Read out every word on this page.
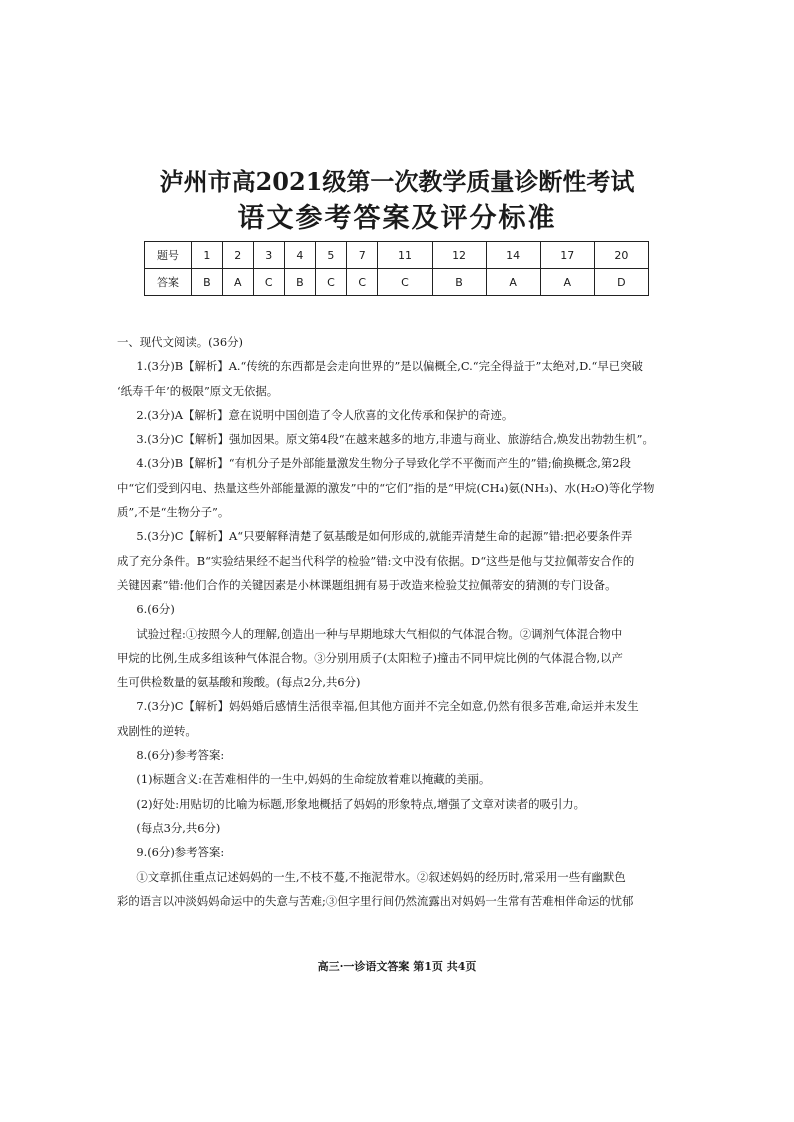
泸州市高2021级第一次教学质量诊断性考试
语文参考答案及评分标准
题号	1	2	3	4	5	7	11	12	14	17	20
答案	B	A	C	B	C	C	C	B	A	A	D

一、现代文阅读。(36分)

1.(3分)B【解析】A.“传统的东西都是会走向世界的”是以偏概全,C.“完全得益于”太绝对,D.“早已突破

‘纸寿千年’的极限”原文无依据。

2.(3分)A【解析】意在说明中国创造了令人欣喜的文化传承和保护的奇迹。

3.(3分)C【解析】强加因果。原文第4段“在越来越多的地方,非遗与商业、旅游结合,焕发出勃勃生机”。

4.(3分)B【解析】“有机分子是外部能量激发生物分子导致化学不平衡而产生的”错;偷换概念,第2段

中“它们受到闪电、热量这些外部能量源的激发”中的“它们”指的是“甲烷(CH₄)氨(NH₃)、水(H₂O)等化学物

质”,不是“生物分子”。

5.(3分)C【解析】A“只要解释清楚了氨基酸是如何形成的,就能弄清楚生命的起源”错:把必要条件弄

成了充分条件。B“实验结果经不起当代科学的检验”错:文中没有依据。D“这些是他与艾拉佩蒂安合作的

关键因素”错:他们合作的关键因素是小林课题组拥有易于改造来检验艾拉佩蒂安的猜测的专门设备。

6.(6分)

试验过程:①按照今人的理解,创造出一种与早期地球大气相似的气体混合物。②调剂气体混合物中

甲烷的比例,生成多组该种气体混合物。③分别用质子(太阳粒子)撞击不同甲烷比例的气体混合物,以产

生可供检数量的氨基酸和羧酸。(每点2分,共6分)

7.(3分)C【解析】妈妈婚后感情生活很幸福,但其他方面并不完全如意,仍然有很多苦难,命运并未发生

戏剧性的逆转。

8.(6分)参考答案:

(1)标题含义:在苦难相伴的一生中,妈妈的生命绽放着难以掩藏的美丽。

(2)好处:用贴切的比喻为标题,形象地概括了妈妈的形象特点,增强了文章对读者的吸引力。

(每点3分,共6分)

9.(6分)参考答案:

①文章抓住重点记述妈妈的一生,不枝不蔓,不拖泥带水。②叙述妈妈的经历时,常采用一些有幽默色

彩的语言以冲淡妈妈命运中的失意与苦难;③但字里行间仍然流露出对妈妈一生常有苦难相伴命运的忧郁

高三·一诊语文答案 第1页 共4页
